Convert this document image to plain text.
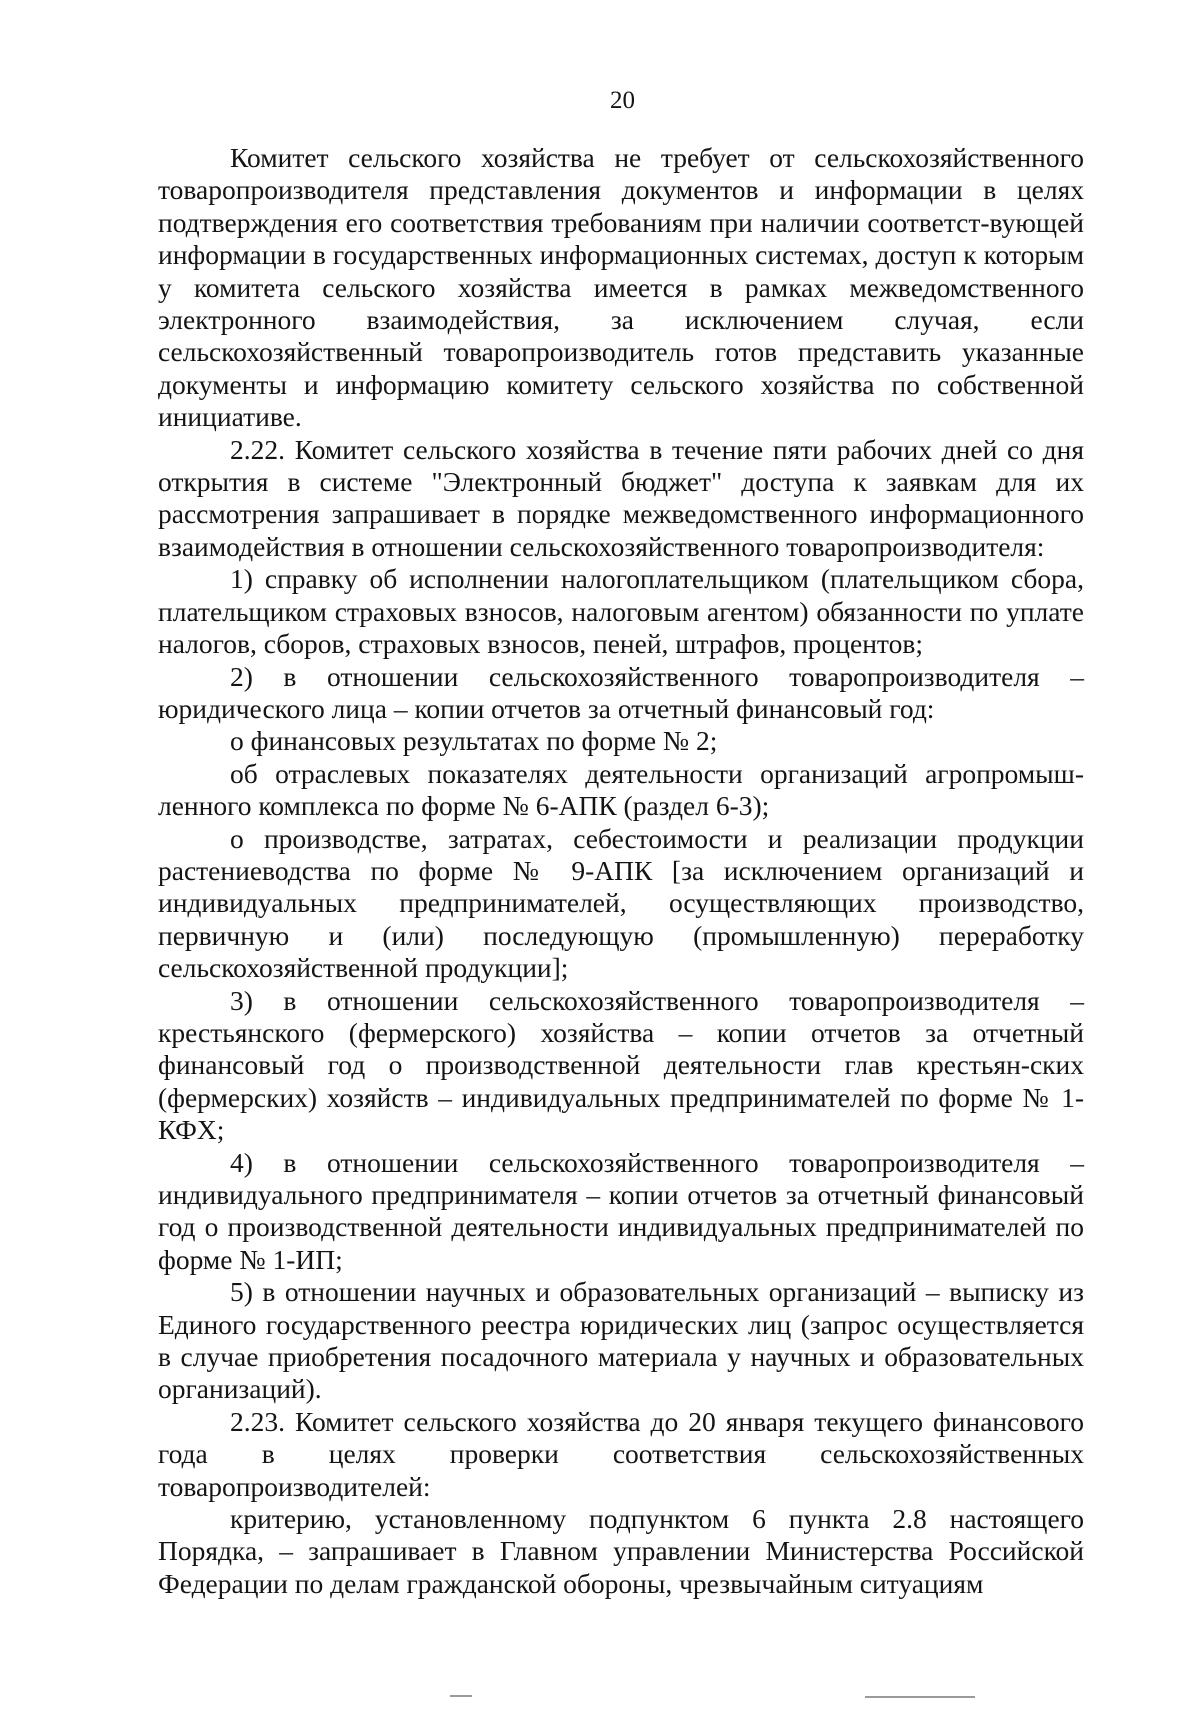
20

Комитет сельского хозяйства не требует от сельскохозяйственного товаропроизводителя представления документов и информации в целях подтверждения его соответствия требованиям при наличии соответст-вующей информации в государственных информационных системах, доступ к которым у комитета сельского хозяйства имеется в рамках межведомственного электронного взаимодействия, за исключением случая, если сельскохозяйственный товаропроизводитель готов представить указанные документы и информацию комитету сельского хозяйства по собственной инициативе.

2.22. Комитет сельского хозяйства в течение пяти рабочих дней со дня открытия в системе "Электронный бюджет" доступа к заявкам для их рассмотрения запрашивает в порядке межведомственного информационного взаимодействия в отношении сельскохозяйственного товаропроизводителя:

1) справку об исполнении налогоплательщиком (плательщиком сбора, плательщиком страховых взносов, налоговым агентом) обязанности по уплате налогов, сборов, страховых взносов, пеней, штрафов, процентов;

2) в отношении сельскохозяйственного товаропроизводителя – юридического лица – копии отчетов за отчетный финансовый год:

о финансовых результатах по форме № 2;

об отраслевых показателях деятельности организаций агропромыш-ленного комплекса по форме № 6-АПК (раздел 6-3);

о производстве, затратах, себестоимости и реализации продукции растениеводства по форме № 9-АПК [за исключением организаций и индивидуальных предпринимателей, осуществляющих производство, первичную и (или) последующую (промышленную) переработку сельскохозяйственной продукции];

3) в отношении сельскохозяйственного товаропроизводителя – крестьянского (фермерского) хозяйства – копии отчетов за отчетный финансовый год о производственной деятельности глав крестьян-ских (фермерских) хозяйств – индивидуальных предпринимателей по форме № 1-КФХ;

4) в отношении сельскохозяйственного товаропроизводителя – индивидуального предпринимателя – копии отчетов за отчетный финансовый год о производственной деятельности индивидуальных предпринимателей по форме № 1-ИП;

5) в отношении научных и образовательных организаций – выписку из Единого государственного реестра юридических лиц (запрос осуществляется в случае приобретения посадочного материала у научных и образовательных организаций).

2.23. Комитет сельского хозяйства до 20 января текущего финансового года в целях проверки соответствия сельскохозяйственных товаропроизводителей:

критерию, установленному подпунктом 6 пункта 2.8 настоящего Порядка, – запрашивает в Главном управлении Министерства Российской Федерации по делам гражданской обороны, чрезвычайным ситуациям
